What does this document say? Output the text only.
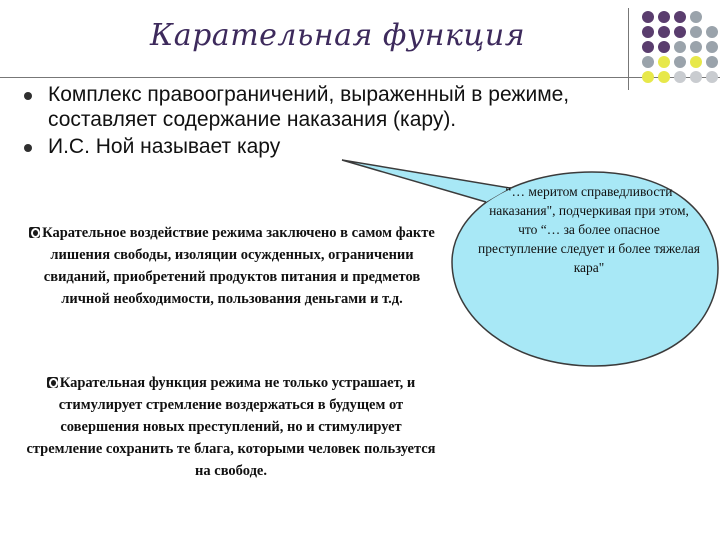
Карательная функция
Комплекс правоограничений, выраженный в режиме, составляет содержание наказания (кару).
И.С. Ной называет кару
“… меритом справедливости наказания", подчеркивая при этом, что “… за более опасное преступление следует и более тяжелая кара"
Карательное воздействие режима заключено в самом факте лишения свободы, изоляции осужденных, ограничении свиданий, приобретений продуктов питания и предметов личной необходимости, пользования деньгами и т.д.
Карательная функция режима не только устрашает, и стимулирует стремление воздержаться в будущем от совершения новых преступлений, но и стимулирует стремление сохранить те блага, которыми человек пользуется на свободе.
